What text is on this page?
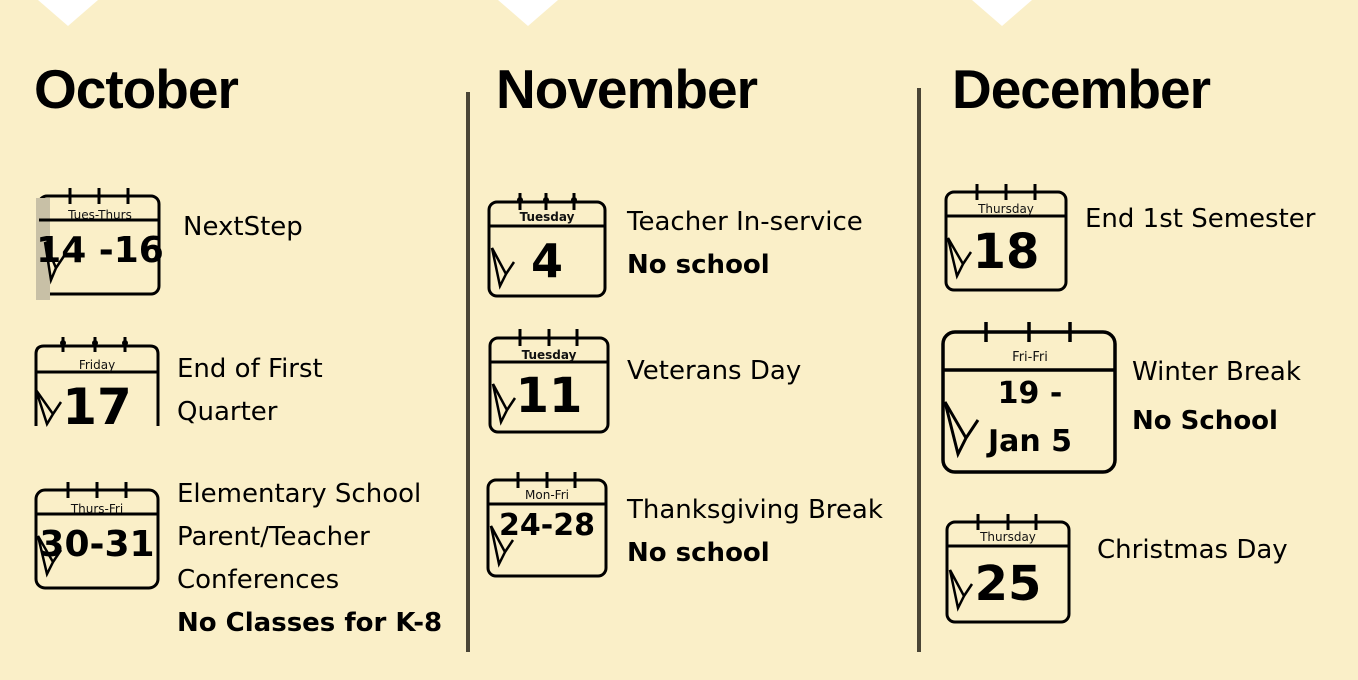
October
Tues-Thurs
14 -16
NextStep
Friday
17
End of First
Quarter
Thurs-Fri
30-31
Elementary School
Parent/Teacher
Conferences
No Classes for K-8
November
Tuesday
4
Teacher In-service
No school
Tuesday
11	Veterans Day
Mon-Fri
24-28	Thanksgiving Break
No school
December
Thursday
18
End 1st Semester
Fri-Fri
19 -
Jan 5
Winter Break
No School
Thursday
25
Christmas Day
